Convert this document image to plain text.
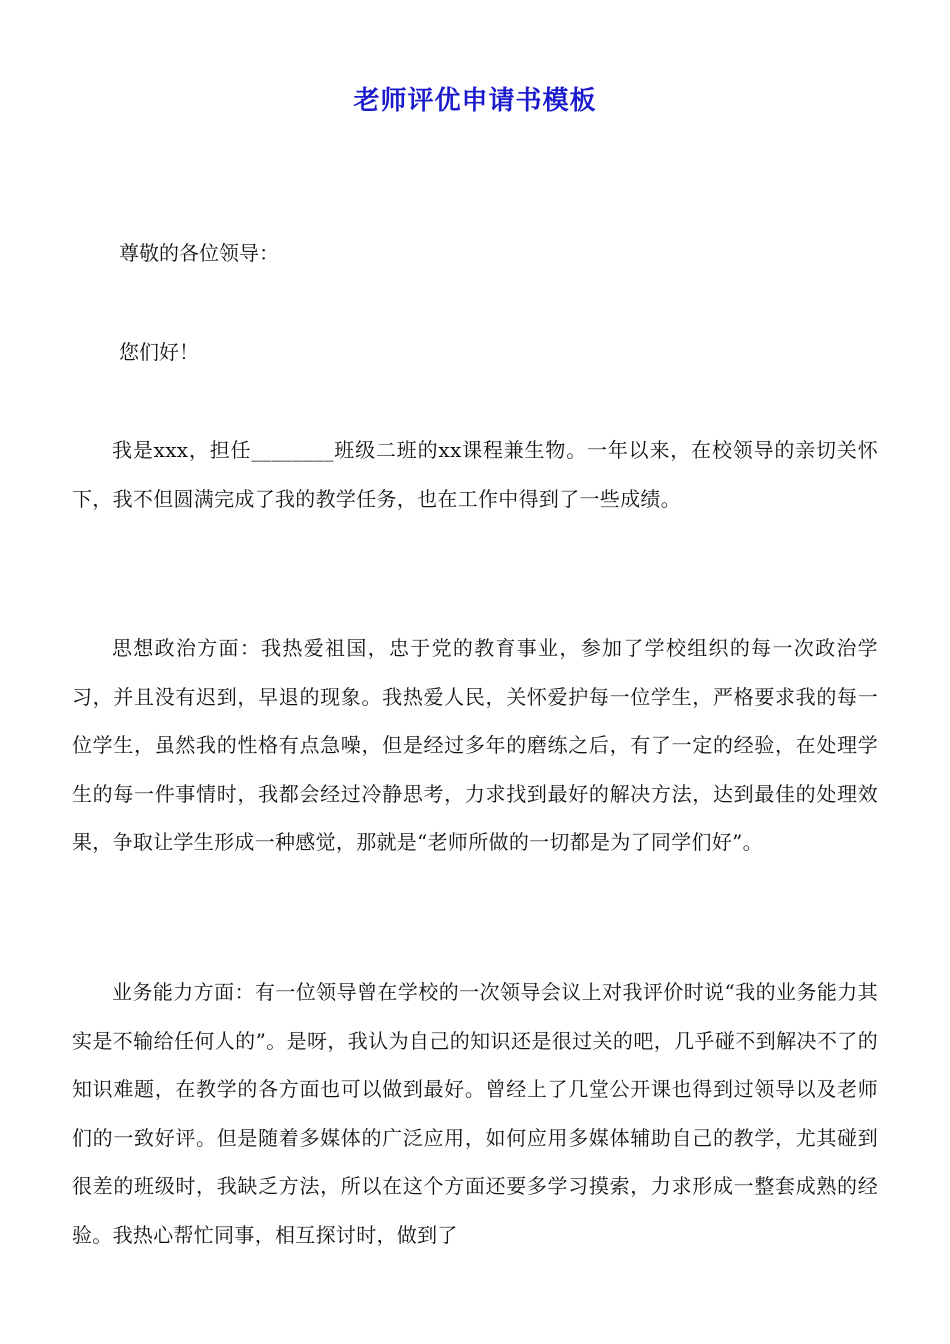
老师评优申请书模板
尊敬的各位领导：
您们好！
我是xxx，担任________班级二班的xx课程兼生物。一年以来，在校领导的亲切关怀下，我不但圆满完成了我的教学任务，也在工作中得到了一些成绩。
思想政治方面：我热爱祖国，忠于党的教育事业，参加了学校组织的每一次政治学习，并且没有迟到，早退的现象。我热爱人民，关怀爱护每一位学生，严格要求我的每一位学生，虽然我的性格有点急噪，但是经过多年的磨练之后，有了一定的经验，在处理学生的每一件事情时，我都会经过冷静思考，力求找到最好的解决方法，达到最佳的处理效果，争取让学生形成一种感觉，那就是“老师所做的一切都是为了同学们好”。
业务能力方面：有一位领导曾在学校的一次领导会议上对我评价时说“我的业务能力其实是不输给任何人的”。是呀，我认为自己的知识还是很过关的吧，几乎碰不到解决不了的知识难题，在教学的各方面也可以做到最好。曾经上了几堂公开课也得到过领导以及老师们的一致好评。但是随着多媒体的广泛应用，如何应用多媒体辅助自己的教学，尤其碰到很差的班级时，我缺乏方法，所以在这个方面还要多学习摸索，力求形成一整套成熟的经验。我热心帮忙同事，相互探讨时，做到了
